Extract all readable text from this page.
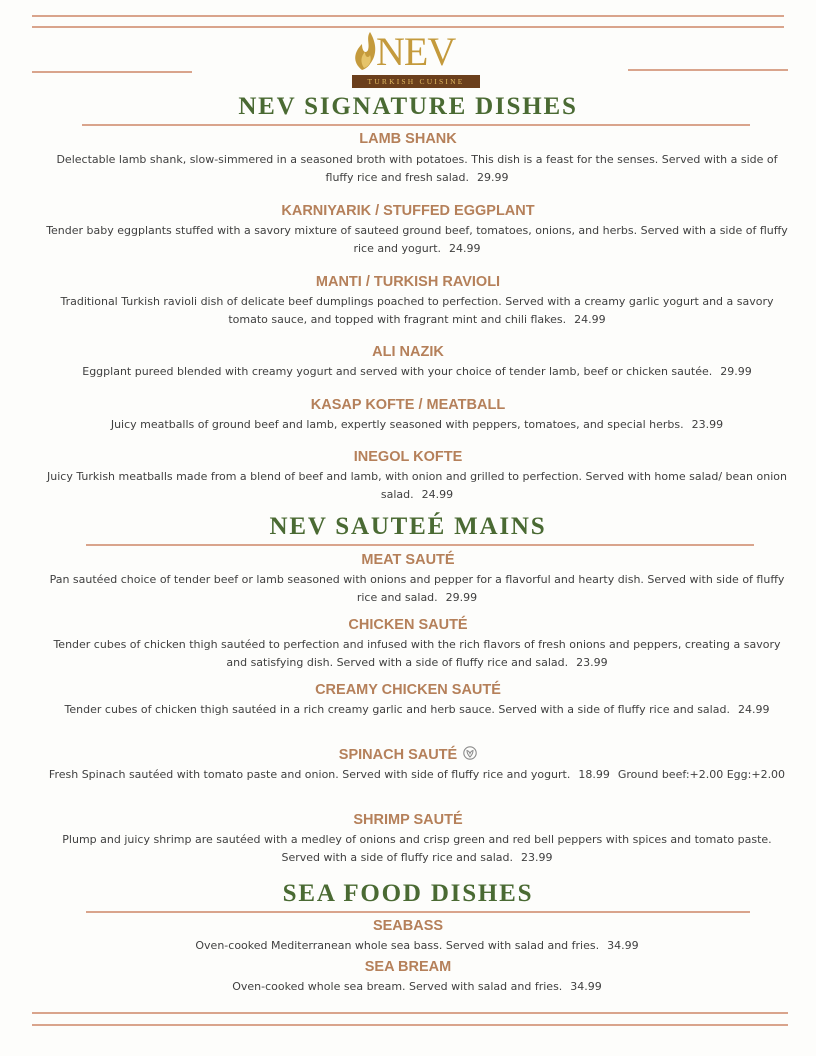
NEV
TURKISH CUISINE
NEV SIGNATURE DISHES
LAMB SHANK
Delectable lamb shank, slow-simmered in a seasoned broth with potatoes. This dish is a feast for the senses. Served with a side of fluffy rice and fresh salad. 29.99
KARNIYARIK / STUFFED EGGPLANT
Tender baby eggplants stuffed with a savory mixture of sauteed ground beef, tomatoes, onions, and herbs. Served with a side of fluffy rice and yogurt. 24.99
MANTI / TURKISH RAVIOLI
Traditional Turkish ravioli dish of delicate beef dumplings poached to perfection. Served with a creamy garlic yogurt and a savory tomato sauce, and topped with fragrant mint and chili flakes. 24.99
ALI NAZIK
Eggplant pureed blended with creamy yogurt and served with your choice of tender lamb, beef or chicken sautée. 29.99
KASAP KOFTE / MEATBALL
Juicy meatballs of ground beef and lamb, expertly seasoned with peppers, tomatoes, and special herbs. 23.99
INEGOL KOFTE
Juicy Turkish meatballs made from a blend of beef and lamb, with onion and grilled to perfection. Served with home salad/ bean onion salad. 24.99
NEV SAUTEÉ MAINS
MEAT SAUTÉ
Pan sautéed choice of tender beef or lamb seasoned with onions and pepper for a flavorful and hearty dish. Served with side of fluffy rice and salad. 29.99
CHICKEN SAUTÉ
Tender cubes of chicken thigh sautéed to perfection and infused with the rich flavors of fresh onions and peppers, creating a savory and satisfying dish. Served with a side of fluffy rice and salad. 23.99
CREAMY CHICKEN SAUTÉ
Tender cubes of chicken thigh sautéed in a rich creamy garlic and herb sauce. Served with a side of fluffy rice and salad. 24.99
SPINACH SAUTÉ
Fresh Spinach sautéed with tomato paste and onion. Served with side of fluffy rice and yogurt. 18.99 Ground beef:+2.00 Egg:+2.00
SHRIMP SAUTÉ
Plump and juicy shrimp are sautéed with a medley of onions and crisp green and red bell peppers with spices and tomato paste. Served with a side of fluffy rice and salad. 23.99
SEA FOOD DISHES
SEABASS
Oven-cooked Mediterranean whole sea bass. Served with salad and fries. 34.99
SEA BREAM
Oven-cooked whole sea bream. Served with salad and fries. 34.99
